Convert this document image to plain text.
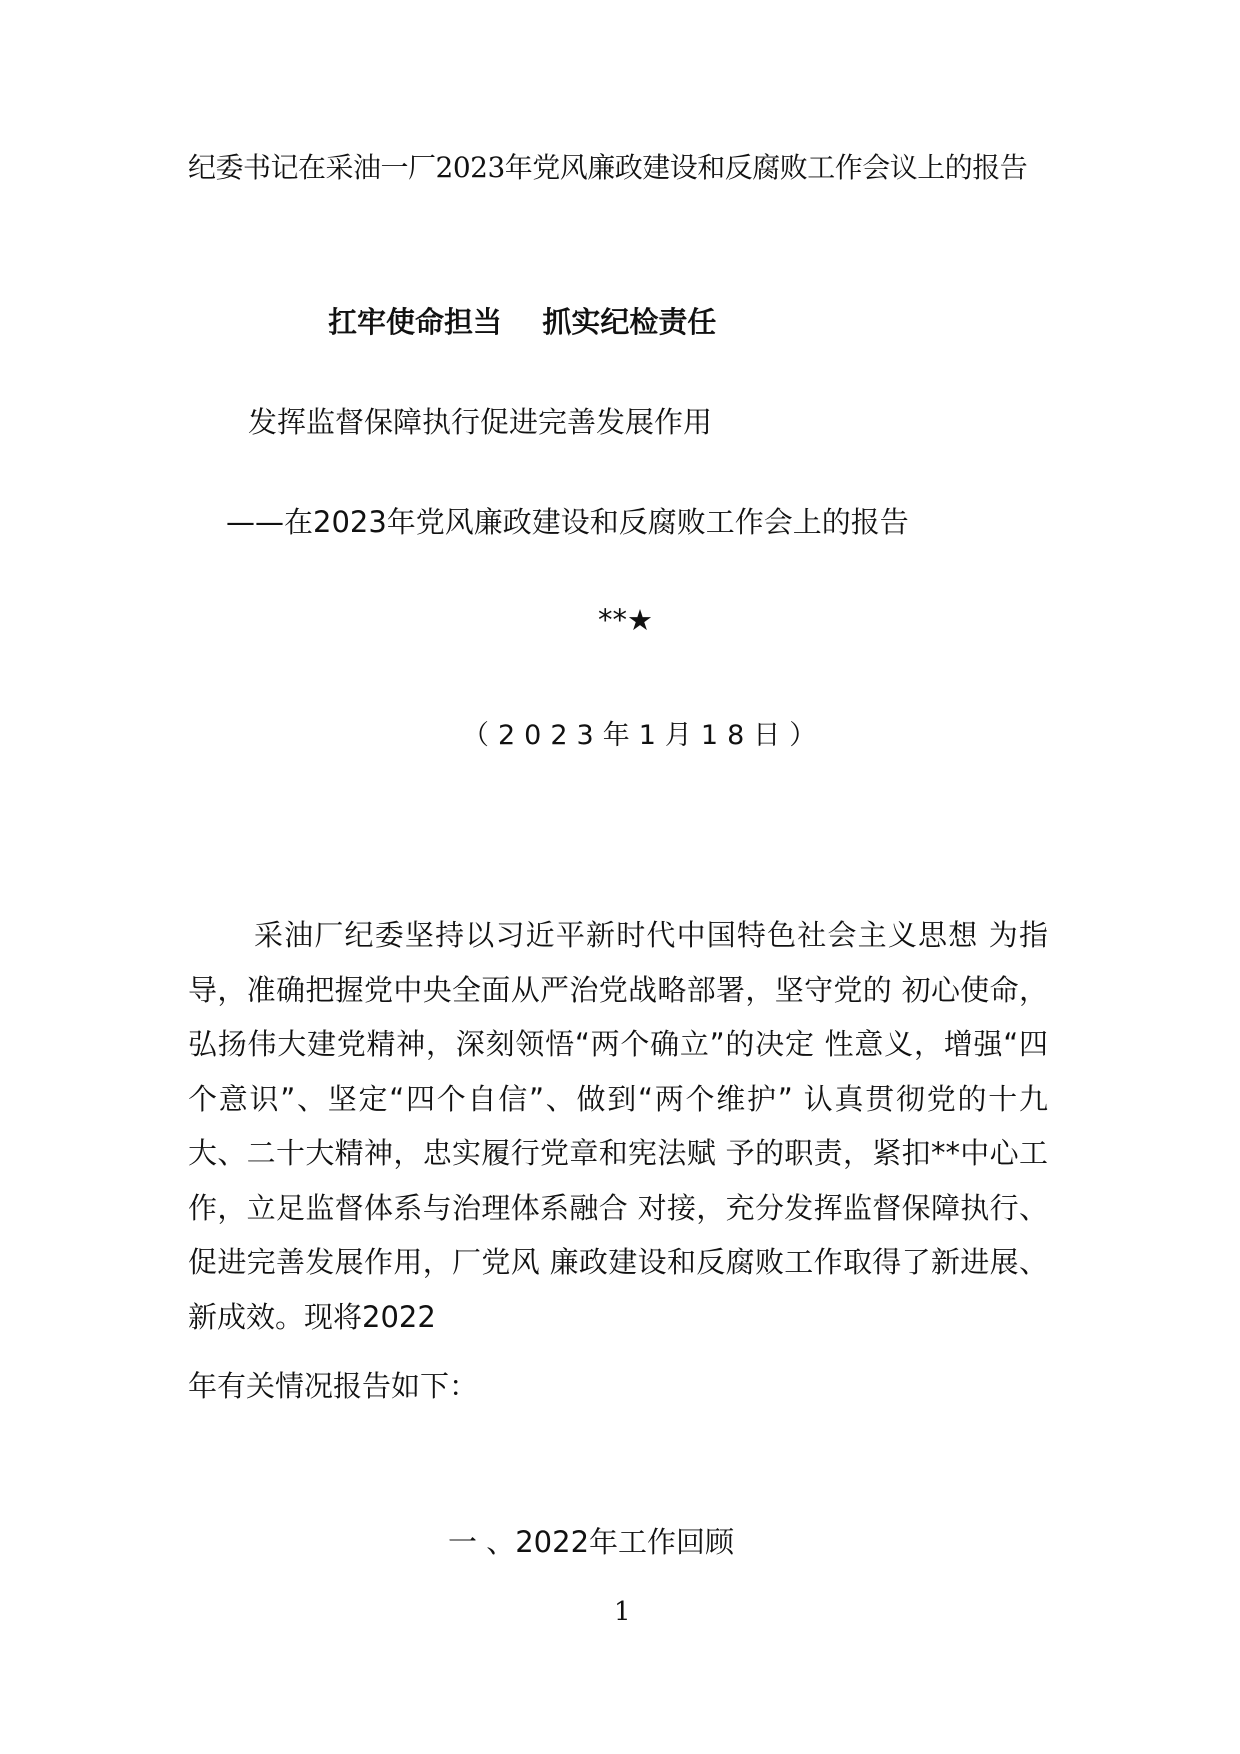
纪委书记在采油一厂2023年党风廉政建设和反腐败工作会议上的报告
扛牢使命担当    抓实纪检责任
发挥监督保障执行促进完善发展作用
——在2023年党风廉政建设和反腐败工作会上的报告
**★
（2023年1月18日）

采油厂纪委坚持以习近平新时代中国特色社会主义思想 为指导，准确把握党中央全面从严治党战略部署，坚守党的 初心使命，弘扬伟大建党精神，深刻领悟“两个确立”的决定 性意义，增强“四个意识”、坚定“四个自信”、做到“两个维护” 认真贯彻党的十九大、二十大精神，忠实履行党章和宪法赋 予的职责，紧扣**中心工作，立足监督体系与治理体系融合 对接，充分发挥监督保障执行、促进完善发展作用，厂党风 廉政建设和反腐败工作取得了新进展、新成效。现将2022

年有关情况报告如下：
一 、2022年工作回顾
1
